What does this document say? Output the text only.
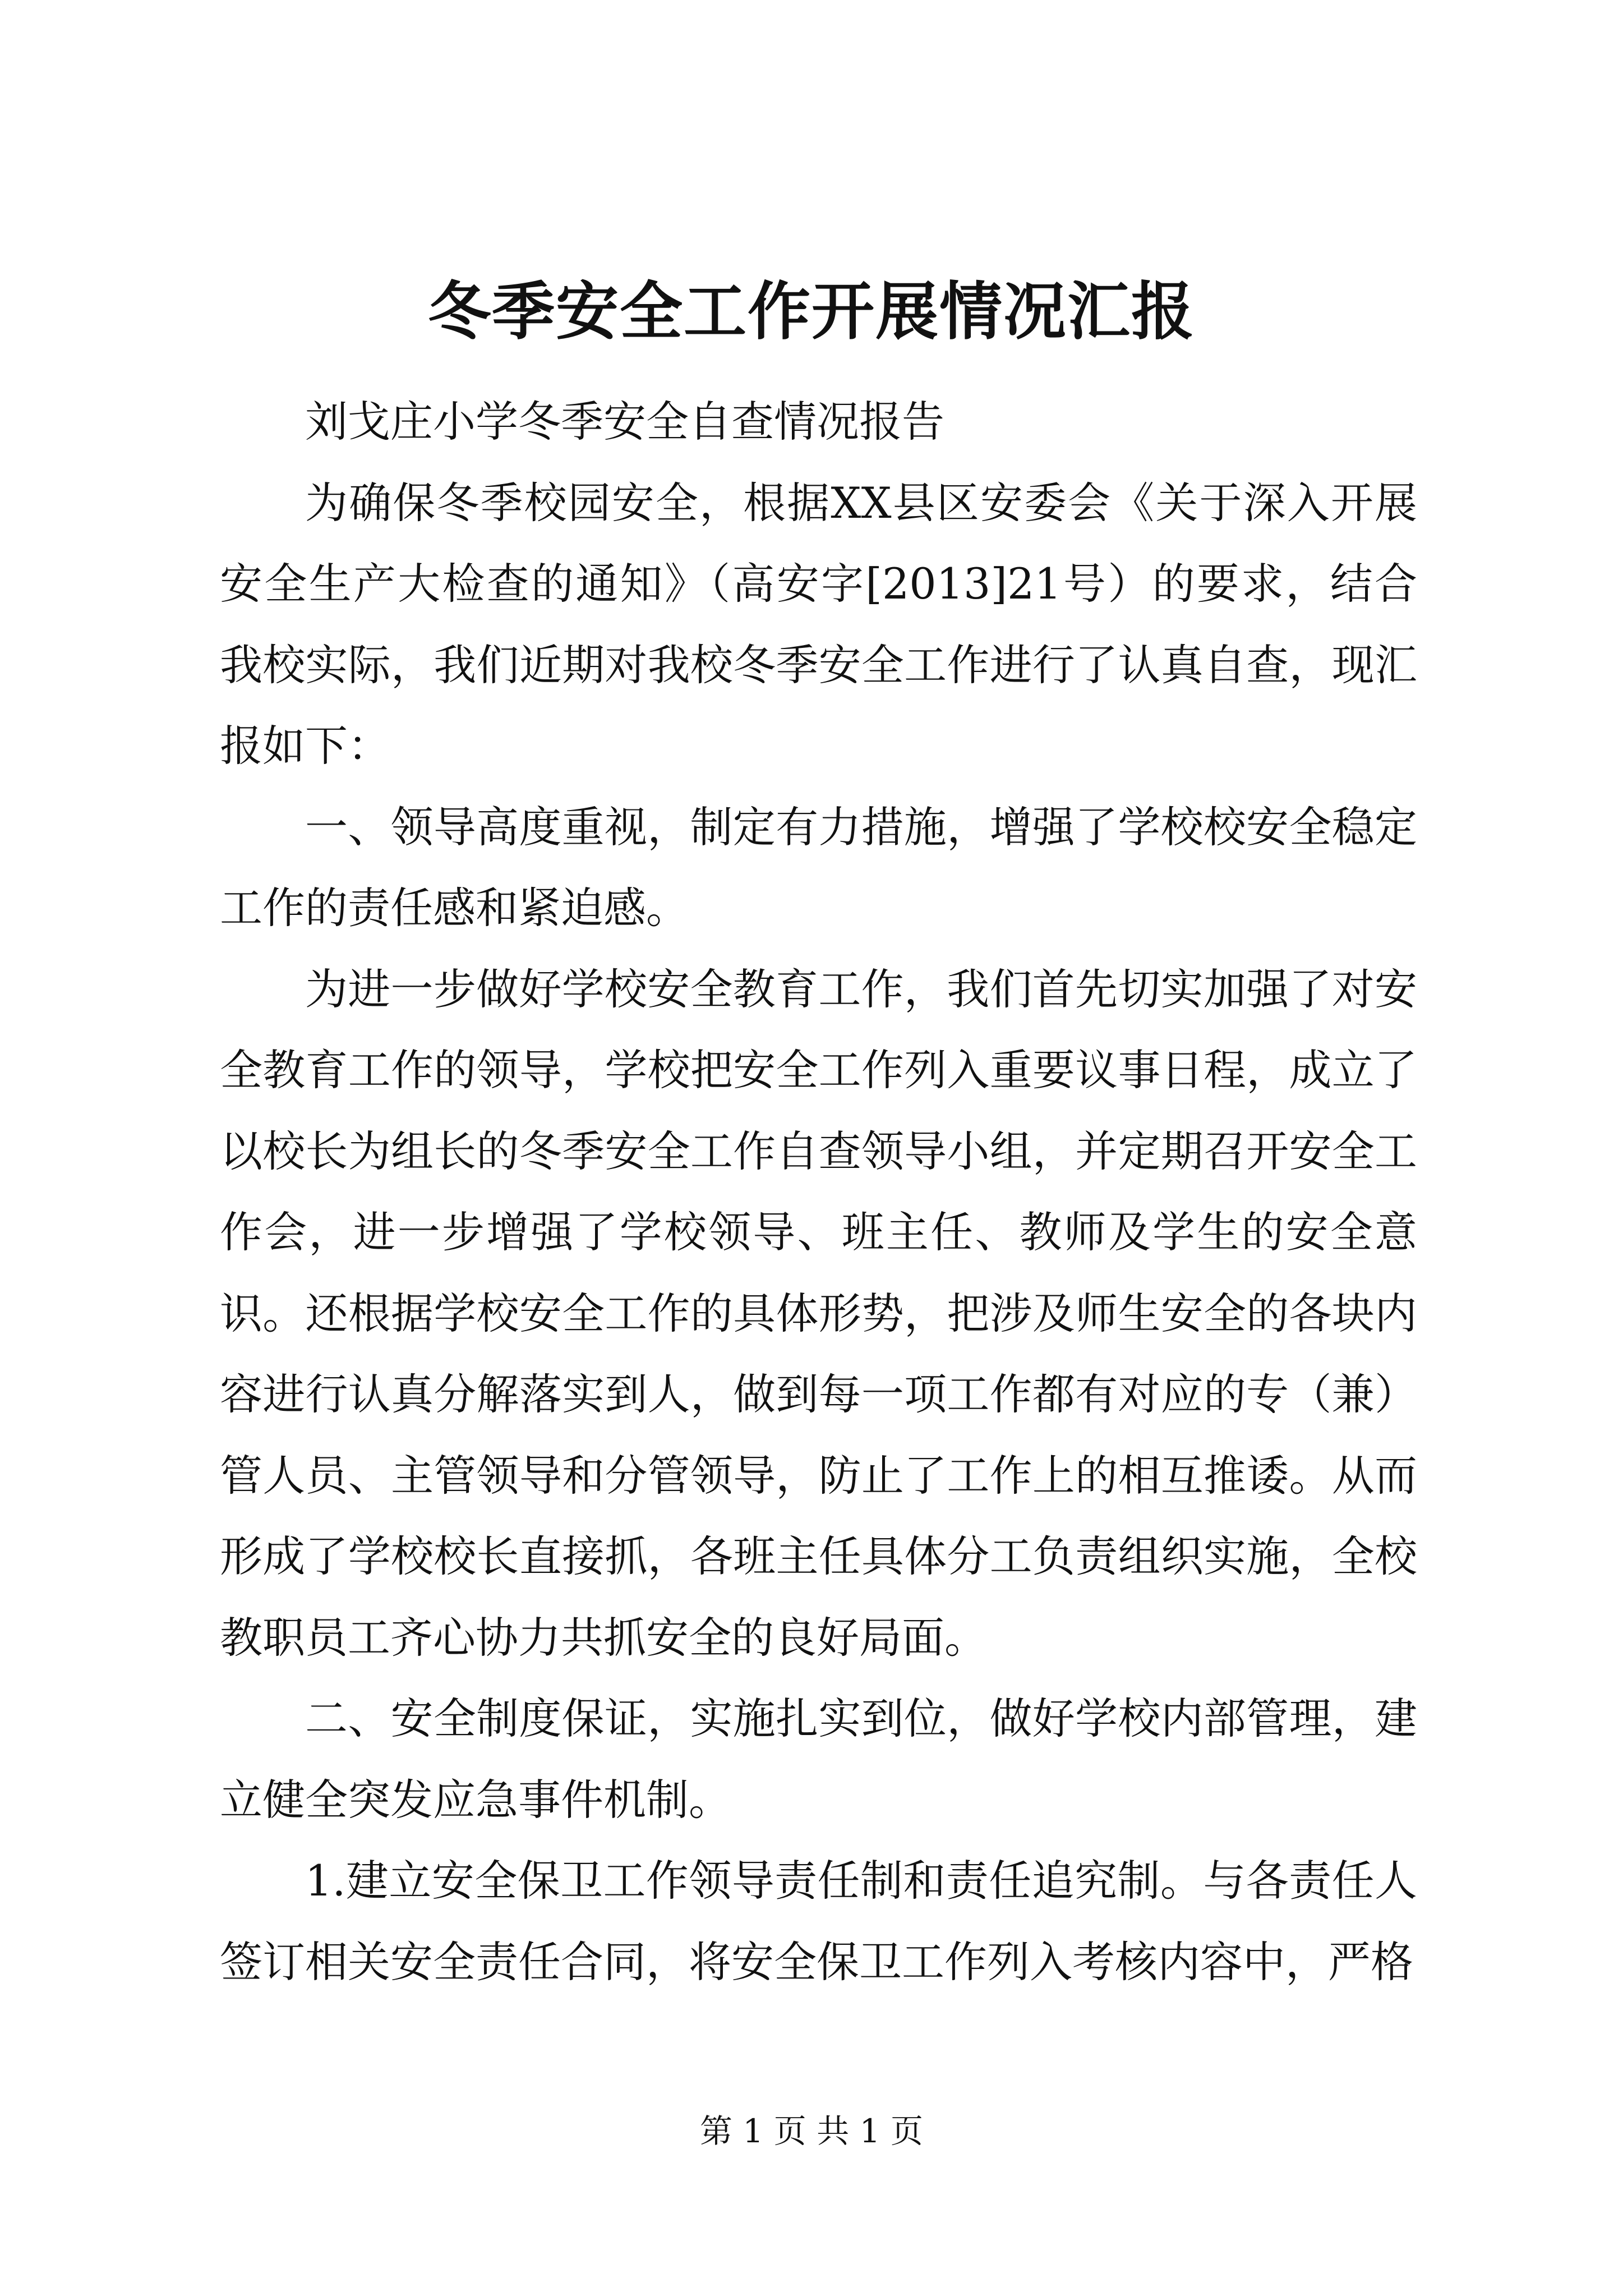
冬季安全工作开展情况汇报

刘戈庄小学冬季安全自查情况报告

为确保冬季校园安全，根据XX县区安委会《关于深入开展安全生产大检查的通知》（高安字[2013]21号）的要求，结合我校实际，我们近期对我校冬季安全工作进行了认真自查，现汇报如下：

一、领导高度重视，制定有力措施，增强了学校校安全稳定工作的责任感和紧迫感。

为进一步做好学校安全教育工作，我们首先切实加强了对安全教育工作的领导，学校把安全工作列入重要议事日程，成立了以校长为组长的冬季安全工作自查领导小组，并定期召开安全工作会，进一步增强了学校领导、班主任、教师及学生的安全意识。还根据学校安全工作的具体形势，把涉及师生安全的各块内容进行认真分解落实到人，做到每一项工作都有对应的专（兼）管人员、主管领导和分管领导，防止了工作上的相互推诿。从而形成了学校校长直接抓，各班主任具体分工负责组织实施，全校教职员工齐心协力共抓安全的良好局面。

二、安全制度保证，实施扎实到位，做好学校内部管理，建立健全突发应急事件机制。

1.建立安全保卫工作领导责任制和责任追究制。与各责任人签订相关安全责任合同，将安全保卫工作列入考核内容中，严格

第 1 页 共 1 页
